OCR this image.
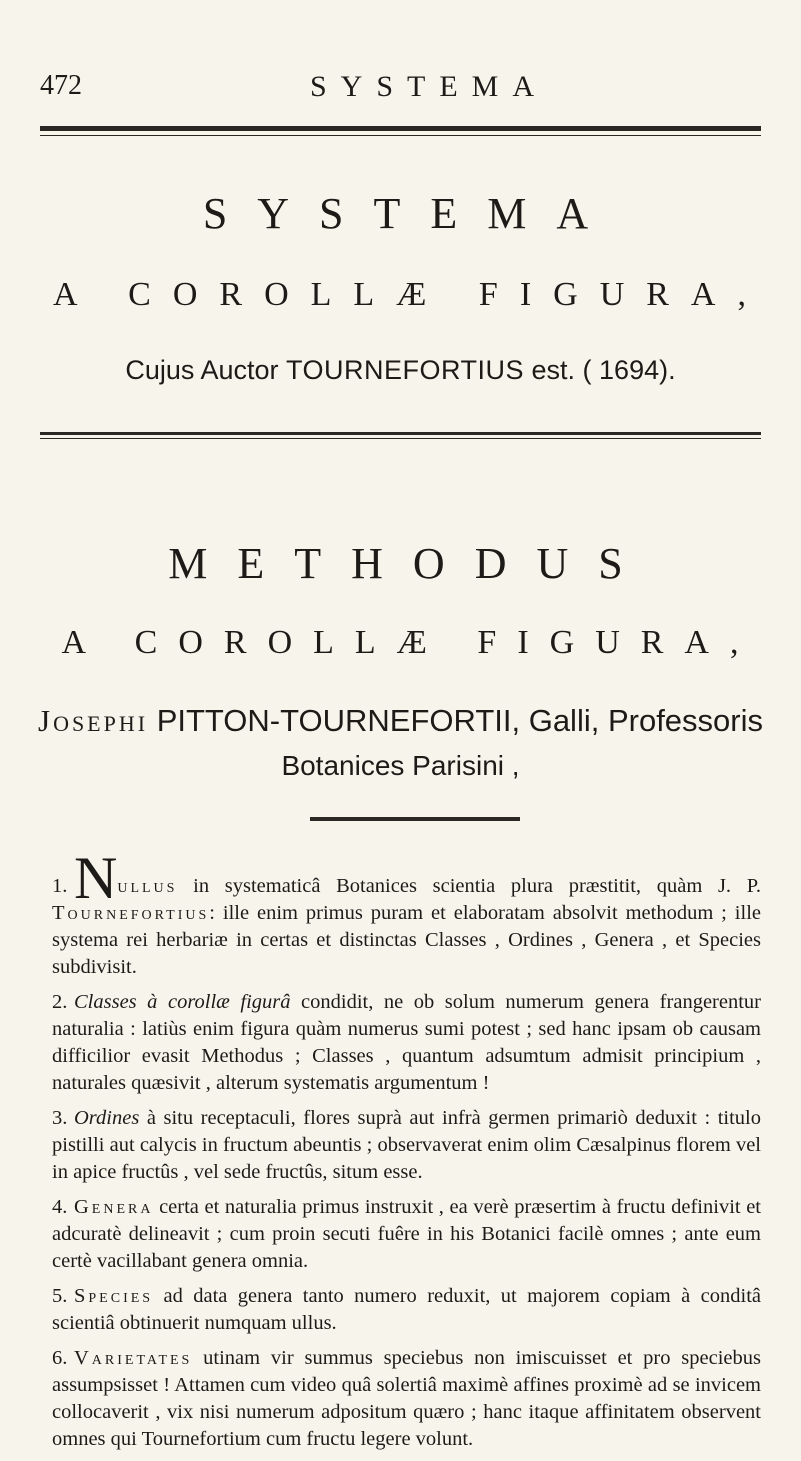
472	SYSTEMA
SYSTEMA
A COROLLÆ FIGURA,
Cujus Auctor TOURNEFORTIUS est. ( 1694).
METHODUS
A COROLLÆ FIGURA,
Josephi PITTON-TOURNEFORTII, Galli, Professoris
Botanices Parisini ,

1. Nullus in systematicâ Botanices scientia plura præstitit, quàm J. P. Tournefortius: ille enim primus puram et elaboratam absolvit methodum ; ille systema rei herbariæ in certas et distinctas Classes , Ordines , Genera , et Species subdivisit.

2. Classes à corollæ figurâ condidit, ne ob solum numerum genera frangerentur naturalia : latiùs enim figura quàm numerus sumi potest ; sed hanc ipsam ob causam difficilior evasit Methodus ; Classes , quantum adsumtum admisit principium , naturales quæsivit , alterum systematis argumentum !

3. Ordines à situ receptaculi, flores suprà aut infrà germen primariò deduxit : titulo pistilli aut calycis in fructum abeuntis ; observaverat enim olim Cæsalpinus florem vel in apice fructûs , vel sede fructûs, situm esse.

4. Genera certa et naturalia primus instruxit , ea verè præsertim à fructu definivit et adcuratè delineavit ; cum proin secuti fuêre in his Botanici facilè omnes ; ante eum certè vacillabant genera omnia.

5. Species ad data genera tanto numero reduxit, ut majorem copiam à conditâ scientiâ obtinuerit numquam ullus.

6. Varietates utinam vir summus speciebus non imiscuisset et pro speciebus assumpsisset ! Attamen cum video quâ solertiâ maximè affines proximè ad se invicem collocaverit , vix nisi numerum adpositum quæro ; hanc itaque affinitatem observent omnes qui Tournefortium cum fructu legere volunt.
